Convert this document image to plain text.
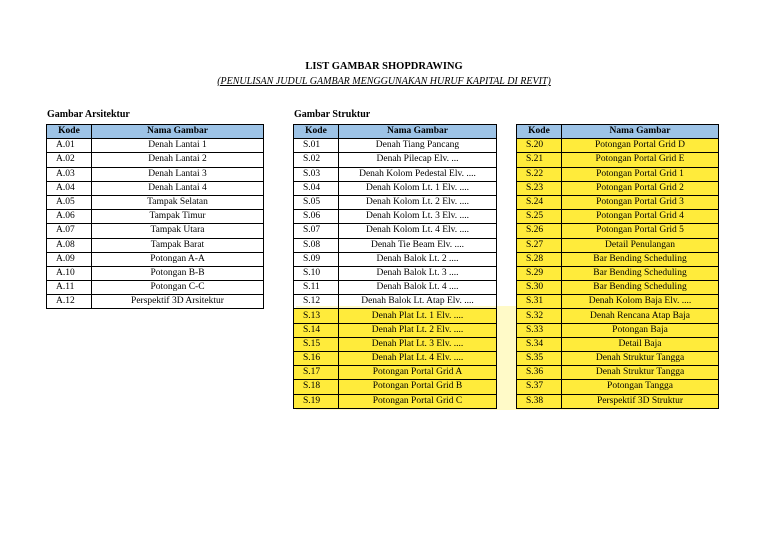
LIST GAMBAR SHOPDRAWING
(PENULISAN JUDUL GAMBAR MENGGUNAKAN HURUF KAPITAL DI REVIT)
Gambar Arsitektur	Gambar Struktur
Kode	Nama Gambar
A.01	Denah Lantai 1
A.02	Denah Lantai 2
A.03	Denah Lantai 3
A.04	Denah Lantai 4
A.05	Tampak Selatan
A.06	Tampak Timur
A.07	Tampak Utara
A.08	Tampak Barat
A.09	Potongan A-A
A.10	Potongan B-B
A.11	Potongan C-C
A.12	Perspektif 3D Arsitektur
Kode	Nama Gambar
S.01	Denah Tiang Pancang
S.02	Denah Pilecap Elv. ...
S.03	Denah Kolom Pedestal Elv. ....
S.04	Denah Kolom Lt. 1 Elv. ....
S.05	Denah Kolom Lt. 2 Elv. ....
S.06	Denah Kolom Lt. 3 Elv. ....
S.07	Denah Kolom Lt. 4 Elv. ....
S.08	Denah Tie Beam Elv. ....
S.09	Denah Balok Lt. 2 ....
S.10	Denah Balok Lt. 3 ....
S.11	Denah Balok Lt. 4 ....
S.12	Denah Balok Lt. Atap Elv. ....
S.13	Denah Plat Lt. 1 Elv. ....
S.14	Denah Plat Lt. 2 Elv. ....
S.15	Denah Plat Lt. 3 Elv. ....
S.16	Denah Plat Lt. 4 Elv. ....
S.17	Potongan Portal Grid A
S.18	Potongan Portal Grid B
S.19	Potongan Portal Grid C
Kode	Nama Gambar
S.20	Potongan Portal Grid D
S.21	Potongan Portal Grid E
S.22	Potongan Portal Grid 1
S.23	Potongan Portal Grid 2
S.24	Potongan Portal Grid 3
S.25	Potongan Portal Grid 4
S.26	Potongan Portal Grid 5
S.27	Detail Penulangan
S.28	Bar Bending Scheduling
S.29	Bar Bending Scheduling
S.30	Bar Bending Scheduling
S.31	Denah Kolom Baja Elv. ....
S.32	Denah Rencana Atap Baja
S.33	Potongan Baja
S.34	Detail Baja
S.35	Denah Struktur Tangga
S.36	Denah Struktur Tangga
S.37	Potongan Tangga
S.38	Perspektif 3D Struktur
